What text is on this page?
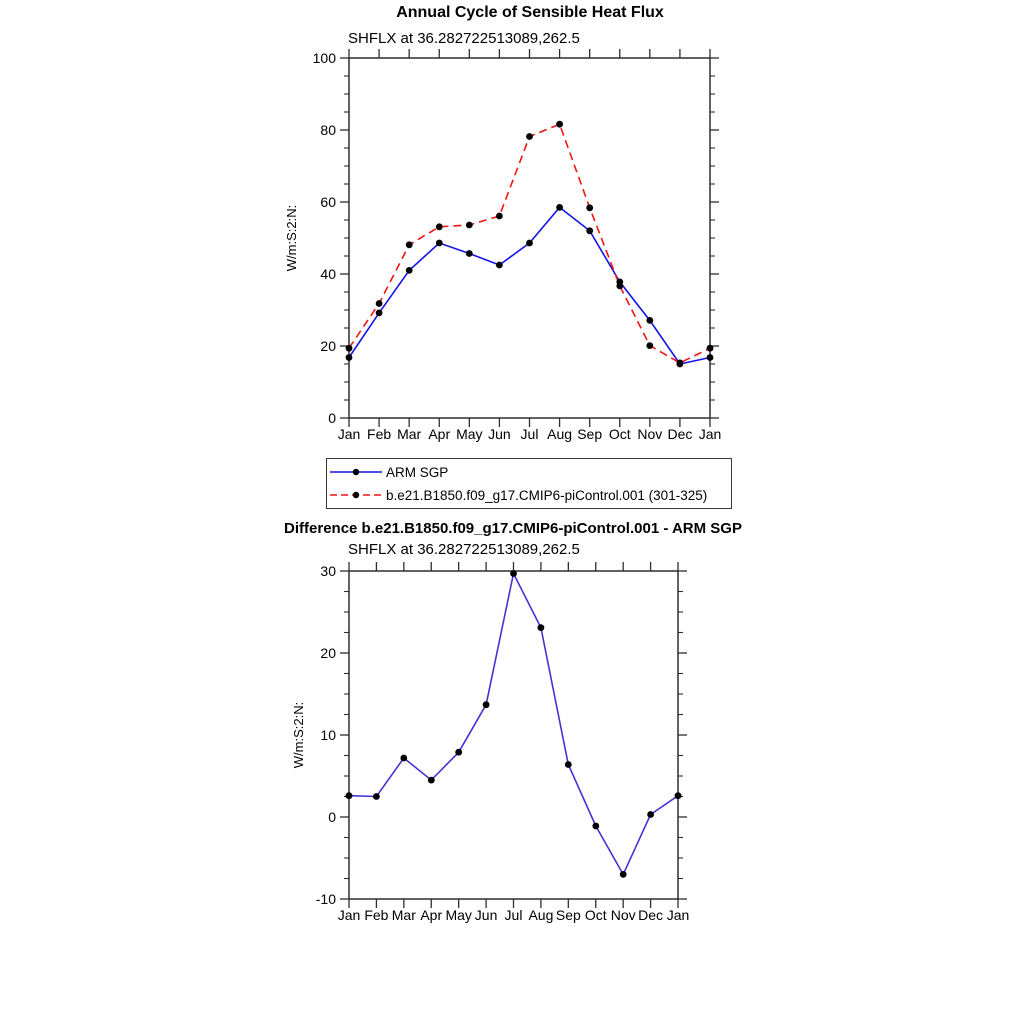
0
20
40
60
80
100
Jan Feb Mar Apr May Jun Jul Aug Sep Oct Nov Dec Jan
W/m:S:2:N:
-10
0
10
20
30
Jan Feb Mar Apr May Jun Jul Aug Sep Oct Nov Dec Jan
W/m:S:2:N:
Annual Cycle of Sensible Heat Flux
SHFLX at 36.282722513089,262.5
ARM SGP
b.e21.B1850.f09_g17.CMIP6-piControl.001 (301-325)
Difference b.e21.B1850.f09_g17.CMIP6-piControl.001 - ARM SGP
SHFLX at 36.282722513089,262.5
